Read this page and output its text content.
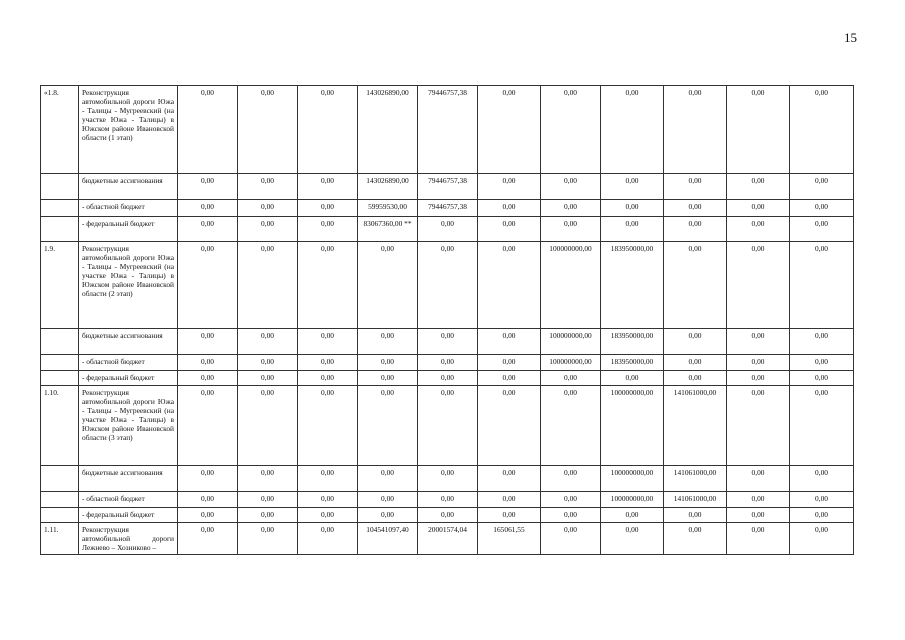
15
«1.8.	Реконструкция автомобильной дороги Южа - Талицы - Мугреевский (на участке Южа - Талицы) в Южском районе Ивановской области (1 этап)	0,00	0,00	0,00	143026890,00	79446757,38	0,00	0,00	0,00	0,00	0,00	0,00
	бюджетные ассигнования	0,00	0,00	0,00	143026890,00	79446757,38	0,00	0,00	0,00	0,00	0,00	0,00
	- областной бюджет	0,00	0,00	0,00	59959530,00	79446757,38	0,00	0,00	0,00	0,00	0,00	0,00
	- федеральный бюджет	0,00	0,00	0,00	83067360,00 **	0,00	0,00	0,00	0,00	0,00	0,00	0,00
1.9.	Реконструкция автомобильной дороги Южа - Талицы - Мугреевский (на участке Южа - Талицы) в Южском районе Ивановской области (2 этап)	0,00	0,00	0,00	0,00	0,00	0,00	100000000,00	183950000,00	0,00	0,00	0,00
	бюджетные ассигнования	0,00	0,00	0,00	0,00	0,00	0,00	100000000,00	183950000,00	0,00	0,00	0,00
	- областной бюджет	0,00	0,00	0,00	0,00	0,00	0,00	100000000,00	183950000,00	0,00	0,00	0,00
	- федеральный бюджет	0,00	0,00	0,00	0,00	0,00	0,00	0,00	0,00	0,00	0,00	0,00
1.10.	Реконструкция автомобильной дороги Южа - Талицы - Мугреевский (на участке Южа - Талицы) в Южском районе Ивановской области (3 этап)	0,00	0,00	0,00	0,00	0,00	0,00	0,00	100000000,00	141061000,00	0,00	0,00
	бюджетные ассигнования	0,00	0,00	0,00	0,00	0,00	0,00	0,00	100000000,00	141061000,00	0,00	0,00
	- областной бюджет	0,00	0,00	0,00	0,00	0,00	0,00	0,00	100000000,00	141061000,00	0,00	0,00
	- федеральный бюджет	0,00	0,00	0,00	0,00	0,00	0,00	0,00	0,00	0,00	0,00	0,00
1.11.	Реконструкция автомобильной дороги Лежнево – Хозниково –	0,00	0,00	0,00	104541097,40	20001574,04	165061,55	0,00	0,00	0,00	0,00	0,00
